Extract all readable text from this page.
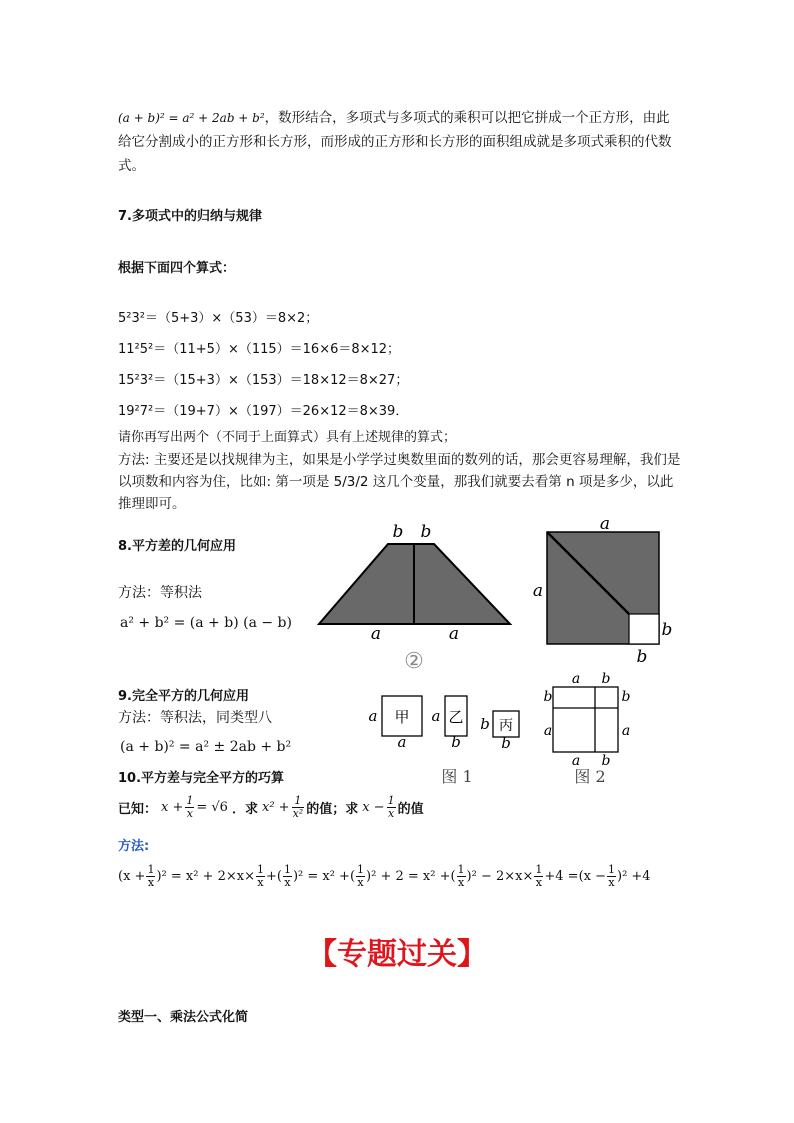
(a + b)² = a² + 2ab + b²，数形结合，多项式与多项式的乘积可以把它拼成一个正方形，由此给它分割成小的正方形和长方形，而形成的正方形和长方形的面积组成就是多项式乘积的代数式。
7.多项式中的归纳与规律
根据下面四个算式：
5²3²＝（5+3）×（53）＝8×2；
11²5²＝（11+5）×（115）＝16×6＝8×12；
15²3²＝（15+3）×（153）＝18×12＝8×27；
19²7²＝（19+7）×（197）＝26×12＝8×39．
请你再写出两个（不同于上面算式）具有上述规律的算式；
方法: 主要还是以找规律为主，如果是小学学过奥数里面的数列的话，那会更容易理解，我们是以项数和内容为住，比如: 第一项是 5/3/2 这几个变量，那我们就要去看第 n 项是多少，以此推理即可。
8.平方差的几何应用
方法：等积法
a² + b² = (a + b) (a − b)
b b
a	a
②
a
a
b
b
9.完全平方的几何应用
方法：等积法，同类型八
(a + b)² = a² ± 2ab + b²
甲
a
a
乙
a
b
丙
b
b
图 1
a b
b
a
b
a
a b
图 2
10.平方差与完全平方的巧算
已知： $x + \frac{1}{x} = √6$ ．求 $x^2 + \frac{1}{\text{x²}}$ 的值；求 $x - \frac{1}{x}$ 的值
方法:
$(x + \frac{1}{x} )^2 = x^2 + 2\times x\times \frac{1}{x}$ +( $\frac{1}{x} )^2 = x^2$ +( $\frac{1}{x} )^2 + 2 = x^2$ +( $\frac{1}{x} )^2 - 2\times x\times \frac{1}{x} +4 =(x - \frac{1}{x} )^2 +4$
【专题过关】
类型一、乘法公式化简
